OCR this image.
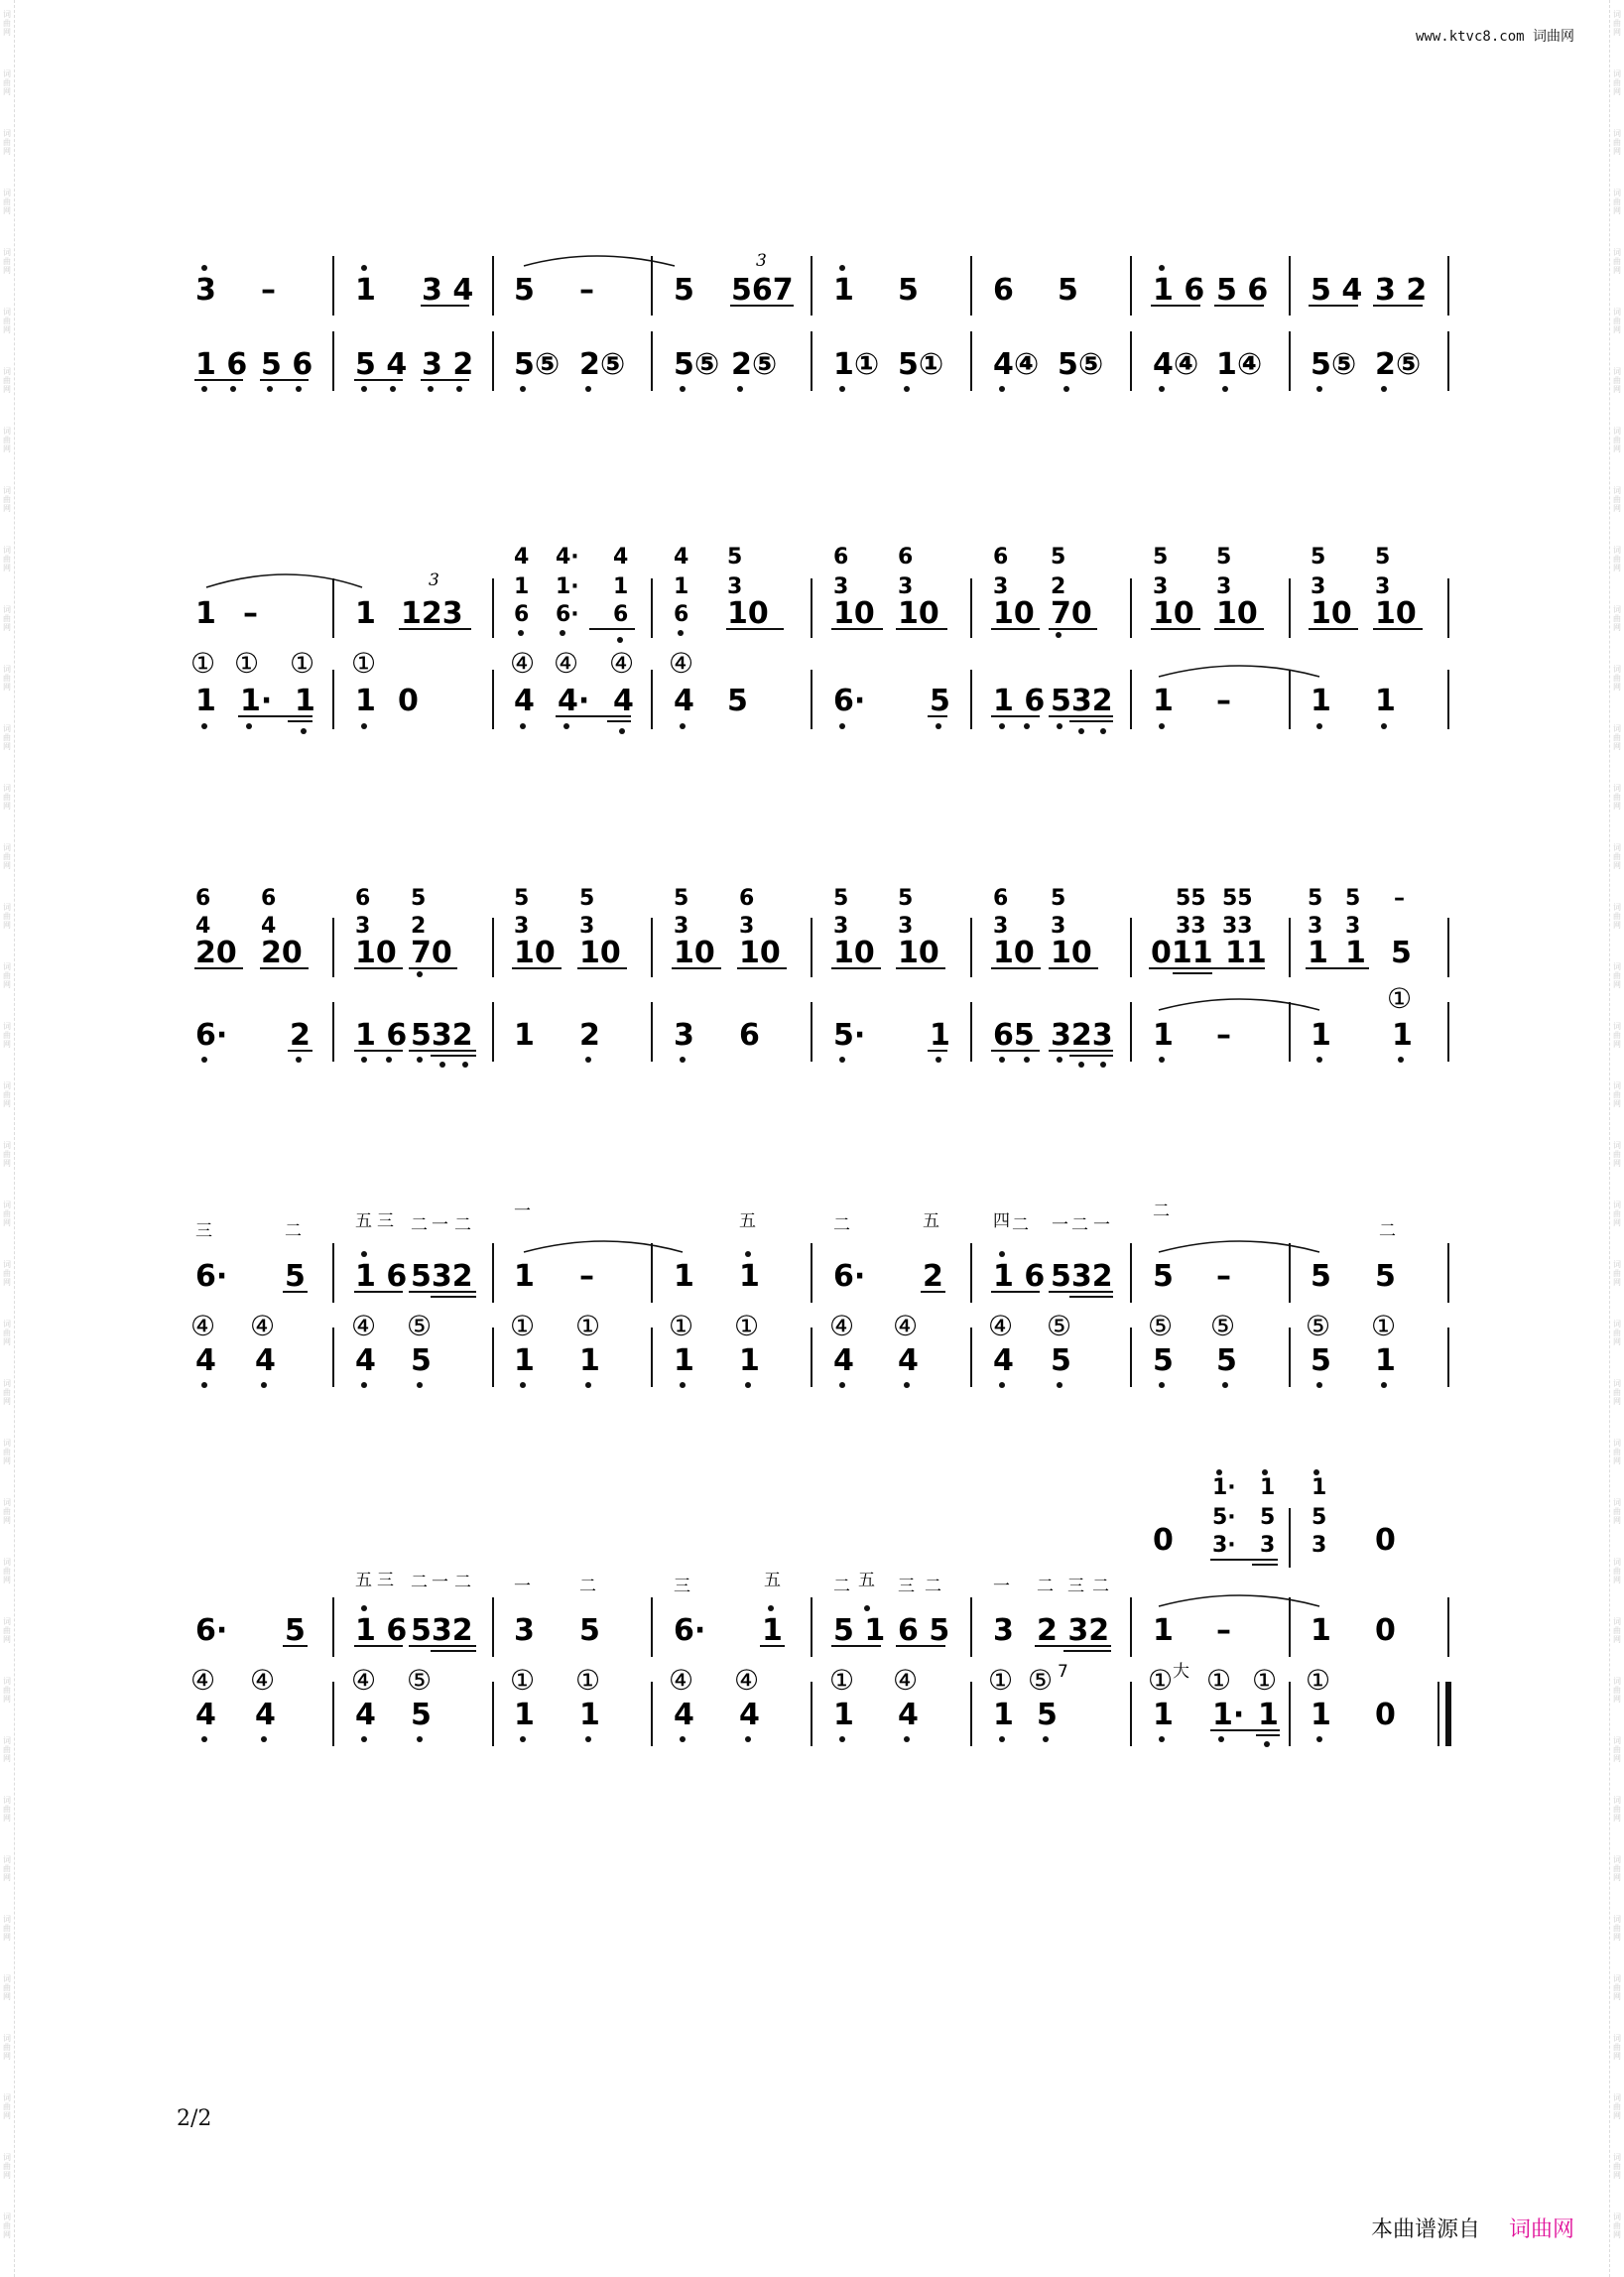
词
曲
网
词
曲
网
词
曲
网
词
曲
网
词
曲
网
词
曲
网
词
曲
网
词
曲
网
词
曲
网
词
曲
网
词
曲
网
词
曲
网
词
曲
网
词
曲
网
词
曲
网
词
曲
网
词
曲
网
词
曲
网
词
曲
网
词
曲
网
词
曲
网
词
曲
网
词
曲
网
词
曲
网
词
曲
网
词
曲
网
词
曲
网
词
曲
网
词
曲
网
词
曲
网
词
曲
网
词
曲
网
词
曲
网
词
曲
网
词
曲
网
词
曲
网
词
曲
网
词
曲
网
词
曲
网
词
曲
网
词
曲
网
词
曲
网
词
曲
网
词
曲
网
词
曲
网
词
曲
网
词
曲
网
词
曲
网
词
曲
网
词
曲
网
词
曲
网
词
曲
网
词
曲
网
词
曲
网
词
曲
网
词
曲
网
词
曲
网
词
曲
网
词
曲
网
词
曲
网
词
曲
网
词
曲
网
词
曲
网
词
曲
网
词
曲
网
词
曲
网
词
曲
网
词
曲
网
词
曲
网
词
曲
网
词
曲
网
词
曲
网
词
曲
网
词
曲
网
词
曲
网
词
曲
网
www.ktvc8.com 词曲网
3 –	1 3 4 5 –	5 567
3
1 5	6 5	1 6 5 6 5 4 3 2
1 6 5 6 5 4 3 2 5⑤ 2⑤ 5⑤ 2⑤ 1① 5① 4④ 5⑤ 4④ 1④ 5⑤ 2⑤
1 –	1 123
3
4 4· 4 4 5
1 1· 1 1 3
6 6· 6 6 10
6 6
3 3
10 10
6 5
3 2
10 70
5 5
3 3
10 10
5 5
3 3
10 10
① ① ① ①	④ ④ ④ ④
1 1· 1 1 0	4 4· 4 4 5	6· 5 1 6 532 1 –	1 1
6 6	6 5	5 5	5 6	5 5	6 5	55 55	5 5 –
4 4	3 2	3 3	3 3	3 3	3 3	33 33	3 3
20 20 10 70 10 10 10 10 10 10 10 10 011 11 1 1 5
①
6· 2 1 6 532 1 2 3 6 5· 1 65 323 1 –	1 1
三	二	五 三 二 一 二
一	五	二	五	四 二 一 二 一
二
二
6· 5 1 6 532 1 –	1 1 6· 2 1 6 532 5 –	5 5
④ ④	④ ⑤	① ① ① ①	④ ④	④ ⑤	⑤ ⑤	⑤ ①
4 4	4 5	1 1 1 1 4 4	4 5	5 5 5 1
1· 1 1
5· 5 5
3· 3 3
0	0
五 三 二 一 二	一	二	三	五	二 五 三 二	一 二 三 二
6· 5 1 6 532 3 5 6· 1 5 1 6 5 3 2 32 1 –	1 0
④ ④	④ ⑤	① ① ④ ④	① ④	① ⑤ 7	① 大 ① ① ①
4 4	4 5	1 1 4 4 1 4	1 5	1 1· 1 1 0
2/2
本曲谱源自 词曲网
